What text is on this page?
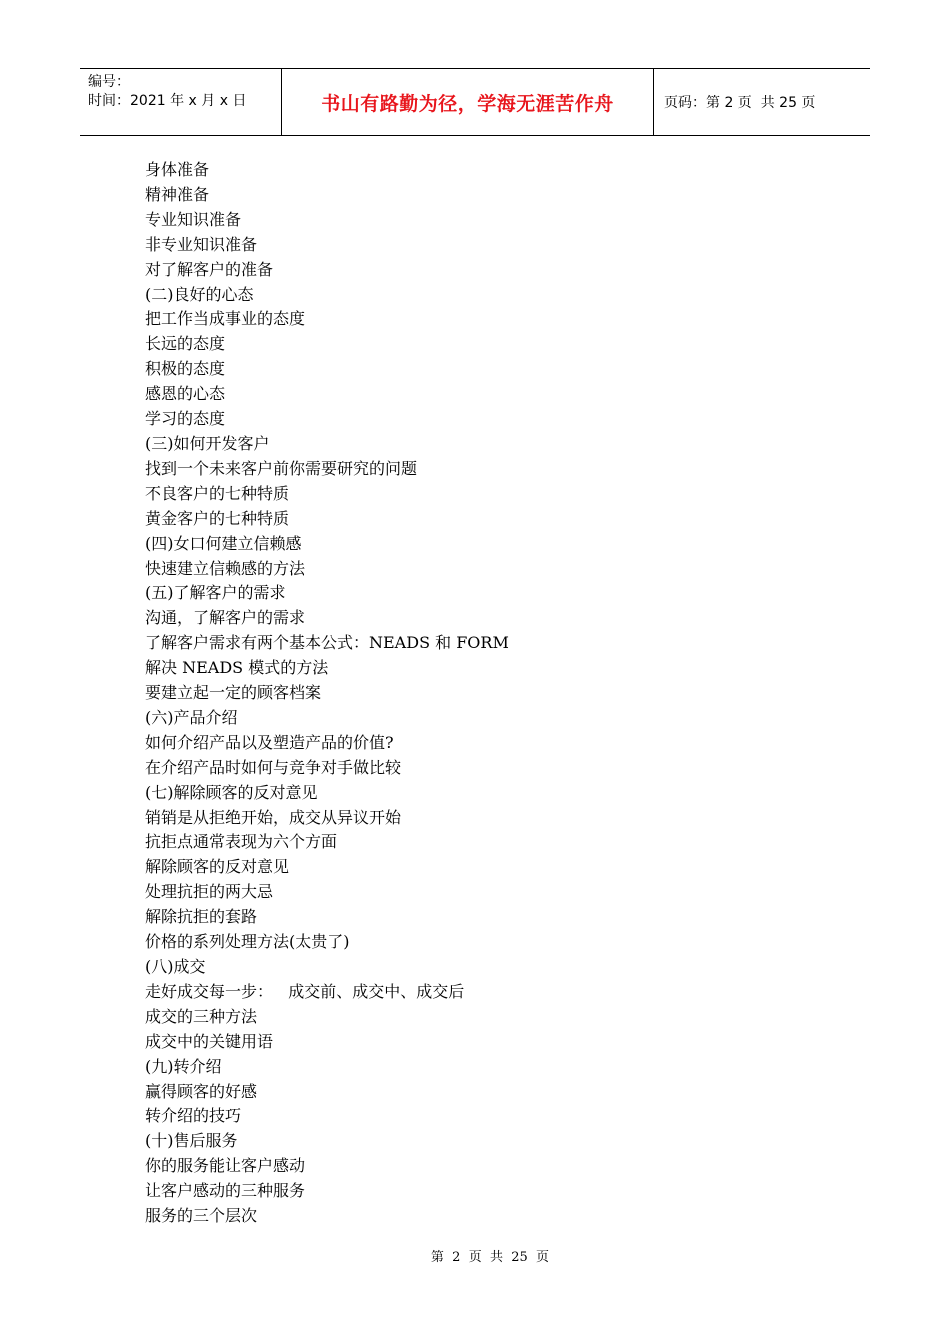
编号：
时间：2021 年 x 月 x 日	书山有路勤为径，学海无涯苦作舟	页码：第 2 页  共 25 页
身体准备
精神准备
专业知识准备
非专业知识准备
对了解客户的准备
(二)良好的心态
把工作当成事业的态度
长远的态度
积极的态度
感恩的心态
学习的态度
(三)如何开发客户
找到一个未来客户前你需要研究的问题
不良客户的七种特质
黄金客户的七种特质
(四)女口何建立信赖感
快速建立信赖感的方法
(五)了解客户的需求
沟通，了解客户的需求
了解客户需求有两个基本公式：NEADS 和 FORM
解决 NEADS 模式的方法
要建立起一定的顾客档案
(六)产品介绍
如何介绍产品以及塑造产品的价值?
在介绍产品时如何与竞争对手做比较
(七)解除顾客的反对意见
销销是从拒绝开始，成交从异议开始
抗拒点通常表现为六个方面
解除顾客的反对意见
处理抗拒的两大忌
解除抗拒的套路
价格的系列处理方法(太贵了)
(八)成交
走好成交每一步：   成交前、成交中、成交后
成交的三种方法
成交中的关键用语
(九)转介绍
赢得顾客的好感
转介绍的技巧
(十)售后服务
你的服务能让客户感动
让客户感动的三种服务
服务的三个层次
第  2  页  共  25  页
